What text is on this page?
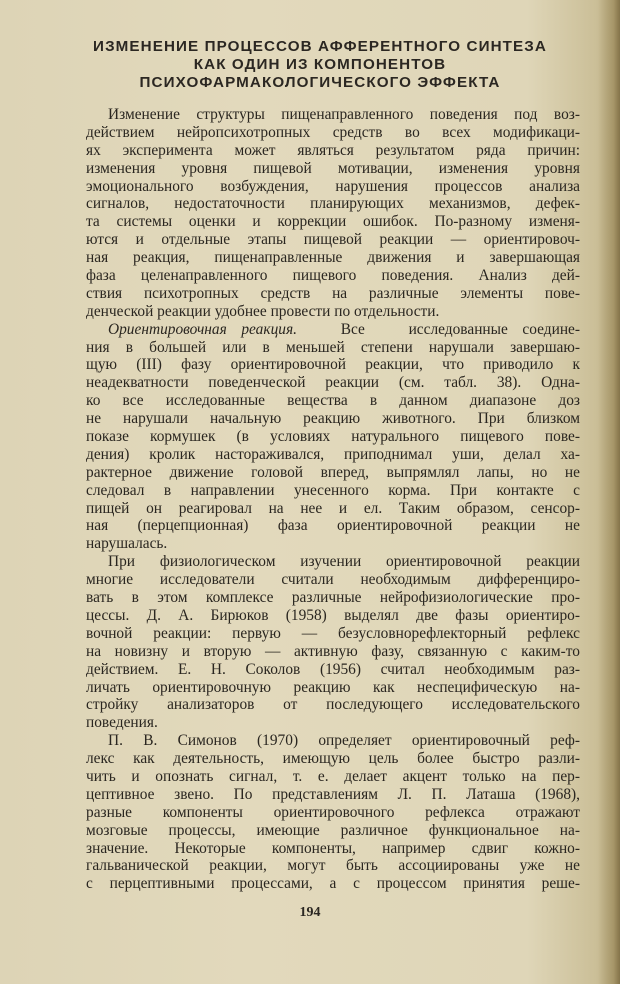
ИЗМЕНЕНИЕ ПРОЦЕССОВ АФФЕРЕНТНОГО СИНТЕЗА
КАК ОДИН ИЗ КОМПОНЕНТОВ
ПСИХОФАРМАКОЛОГИЧЕСКОГО ЭФФЕКТА
Изменение структуры пищенаправленного поведения под воз-
действием нейропсихотропных средств во всех модификаци-
ях эксперимента может являться результатом ряда причин:
изменения уровня пищевой мотивации, изменения уровня
эмоционального возбуждения, нарушения процессов анализа
сигналов, недостаточности планирующих механизмов, дефек-
та системы оценки и коррекции ошибок. По-разному изменя-
ются и отдельные этапы пищевой реакции — ориентировоч-
ная реакция, пищенаправленные движения и завершающая
фаза целенаправленного пищевого поведения. Анализ дей-
ствия психотропных средств на различные элементы пове-
денческой реакции удобнее провести по отдельности.
Ориентировочная реакция.	Все	исследованные соедине-
ния в большей или в меньшей степени нарушали завершаю-
щую (III) фазу ориентировочной реакции, что приводило к
неадекватности поведенческой реакции (см. табл. 38). Одна-
ко все исследованные вещества в данном диапазоне доз
не нарушали начальную реакцию животного. При близком
показе кормушек (в условиях натурального пищевого пове-
дения) кролик настораживался, приподнимал уши, делал ха-
рактерное движение головой вперед, выпрямлял лапы, но не
следовал в направлении унесенного корма. При контакте с
пищей он реагировал на нее и ел. Таким образом, сенсор-
ная (перцепционная) фаза ориентировочной реакции не
нарушалась.
При физиологическом изучении ориентировочной реакции
многие исследователи считали необходимым дифференциро-
вать в этом комплексе различные нейрофизиологические про-
цессы. Д. А. Бирюков (1958) выделял две фазы ориентиро-
вочной реакции: первую — безусловнорефлекторный рефлекс
на новизну и вторую — активную фазу, связанную с каким-то
действием. Е. Н. Соколов (1956) считал необходимым раз-
личать ориентировочную реакцию как неспецифическую на-
стройку анализаторов от последующего исследовательского
поведения.
П. В. Симонов (1970) определяет ориентировочный реф-
лекс как деятельность, имеющую цель более быстро разли-
чить и опознать сигнал, т. е. делает акцент только на пер-
цептивное звено. По представлениям Л. П. Латаша (1968),
разные компоненты ориентировочного рефлекса отражают
мозговые процессы, имеющие различное функциональное на-
значение. Некоторые компоненты, например сдвиг кожно-
гальванической реакции, могут быть ассоциированы уже не
с перцептивными процессами, а с процессом принятия реше-
194
